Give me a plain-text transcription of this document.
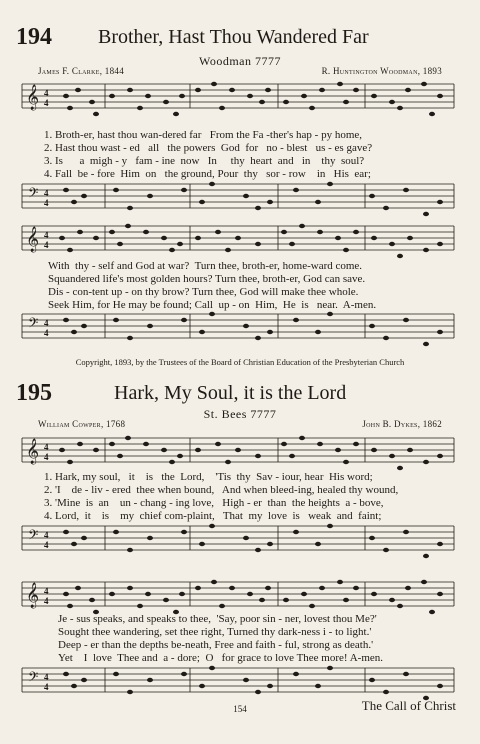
194 Brother, Hast Thou Wandered Far
Woodman 7777
James F. Clarke, 1844	R. Huntington Woodman, 1893
𝄞 4
4
1. Broth-er, hast thou wan-dered far   From the Fa -ther's hap - py home,
2. Hast thou wast - ed   all   the powers  God  for   no - blest   us - es gave?
3. Is      a  migh - y   fam - ine  now   In     thy  heart  and   in    thy  soul?
4. Fall  be - fore  Him  on   the ground, Pour  thy   sor - row    in   His  ear;
𝄢 4
4
𝄞 4
4
With  thy - self and God at war?  Turn thee, broth-er, home-ward come.
Squandered life's most golden hours? Turn thee, broth-er, God can save.
Dis - con-tent up - on thy brow? Turn thee, God will make thee whole.
Seek Him, for He may be found; Call  up - on  Him,  He  is   near.  A-men.
𝄢 4
4
Copyright, 1893, by the Trustees of the Board of Christian Education of the Presbyterian Church
195	Hark, My Soul, it is the Lord
St. Bees 7777
William Cowper, 1768	John B. Dykes, 1862
𝄞 4
4
1. Hark, my soul,   it    is   the  Lord,    'Tis  thy  Sav - iour, hear  His word;
2. 'I    de - liv - ered  thee when bound,   And when bleed-ing, healed thy wound,
3. 'Mine  is  an    un - chang - ing love,   High - er  than  the heights  a - bove,
4. Lord,  it    is    my  chief com-plaint,   That  my  love  is   weak  and  faint;
𝄢 4
4
𝄞 4
4
Je - sus speaks, and speaks to thee,  'Say, poor sin - ner, lovest thou Me?'
Sought thee wandering, set thee right, Turned thy dark-ness i - to light.'
Deep - er than the depths be-neath, Free and faith - ful, strong as death.'
Yet    I  love  Thee and  a - dore;  O   for grace to love Thee more! A-men.
𝄢 4
4
154	The Call of Christ
